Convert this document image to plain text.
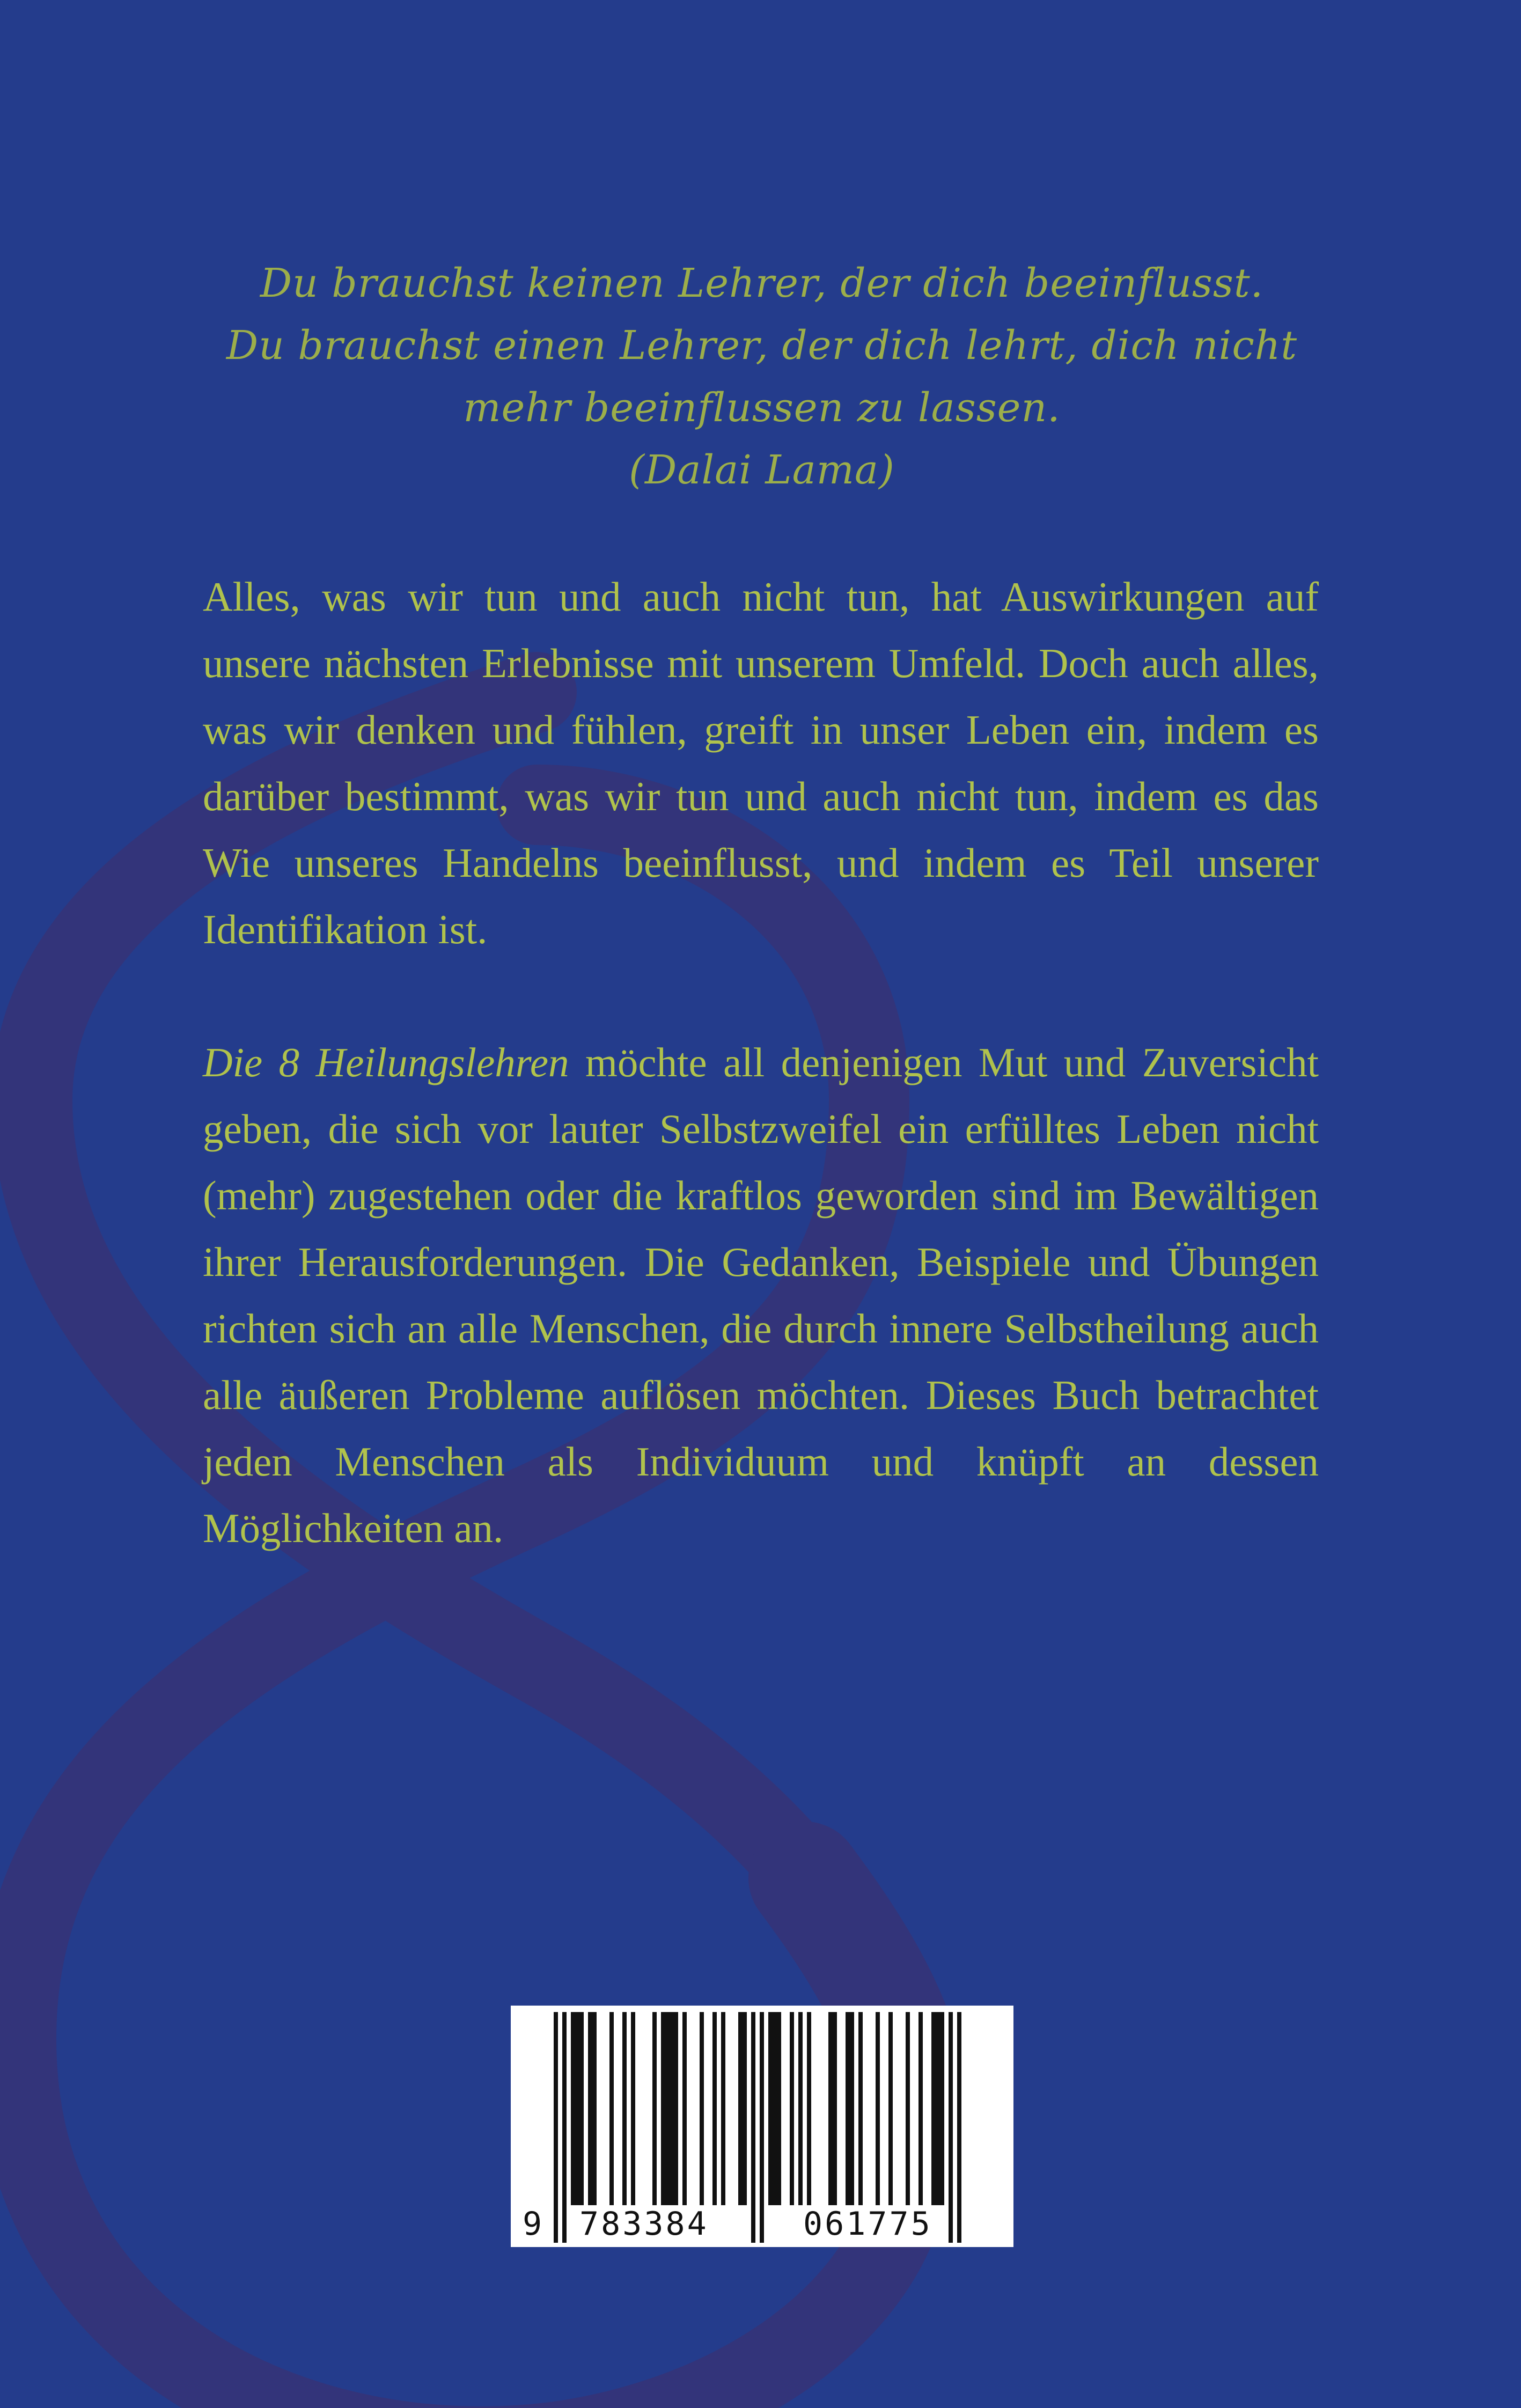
Du brauchst keinen Lehrer, der dich beeinflusst.
Du brauchst einen Lehrer, der dich lehrt, dich nicht
mehr beeinflussen zu lassen.
(Dalai Lama)

Alles, was wir tun und auch nicht tun, hat Auswirkungen auf unsere nächsten Erlebnisse mit unserem Umfeld. Doch auch alles, was wir denken und fühlen, greift in unser Leben ein, indem es darüber bestimmt, was wir tun und auch nicht tun, indem es das Wie unseres Handelns beeinflusst, und indem es Teil unserer Identifikation ist.

Die 8 Heilungslehren möchte all denjenigen Mut und Zuversicht geben, die sich vor lauter Selbstzweifel ein erfülltes Leben nicht (mehr) zugestehen oder die kraftlos geworden sind im Bewältigen ihrer Herausforderungen. Die Gedanken, Beispiele und Übungen richten sich an alle Menschen, die durch innere Selbstheilung auch alle äußeren Probleme auflösen möchten. Dieses Buch betrachtet jeden Menschen als Individuum und knüpft an dessen Möglichkeiten an.

9 783384	061775
